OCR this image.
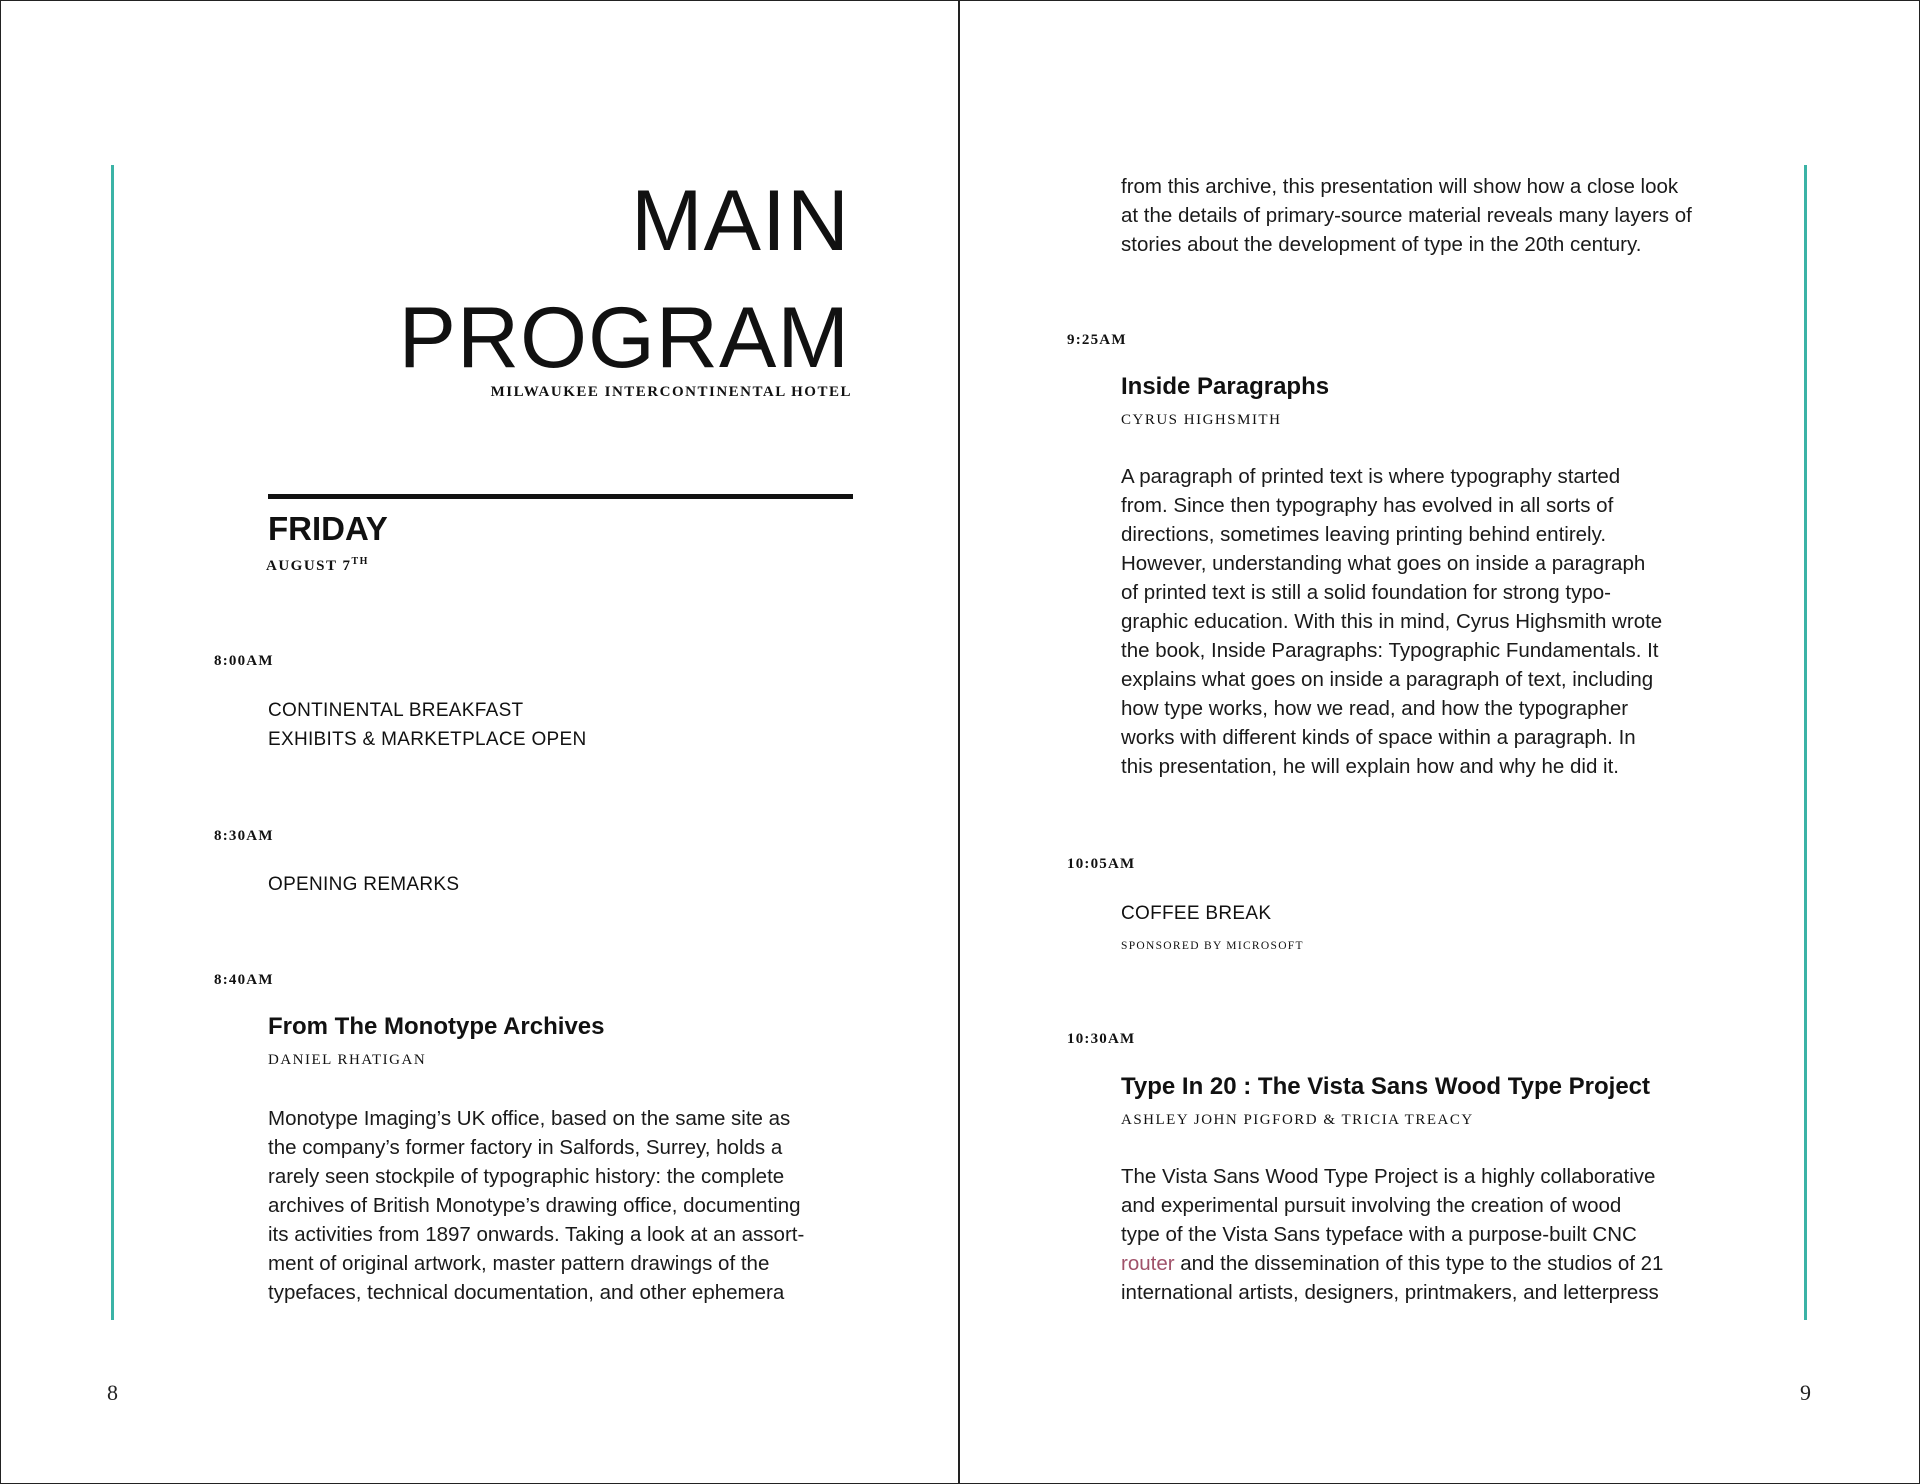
MAIN
PROGRAM
MILWAUKEE INTERCONTINENTAL HOTEL
FRIDAY
AUGUST 7TH
8:00AM
CONTINENTAL BREAKFAST
EXHIBITS & MARKETPLACE OPEN
8:30AM
OPENING REMARKS
8:40AM
From The Monotype Archives
DANIEL RHATIGAN

Monotype Imaging’s UK office, based on the same site as

the company’s former factory in Salfords, Surrey, holds a

rarely seen stockpile of typographic history: the complete

archives of British Monotype’s drawing office, documenting

its activities from 1897 onwards. Taking a look at an assort-

ment of original artwork, master pattern drawings of the

typefaces, technical documentation, and other ephemera

8

from this archive, this presentation will show how a close look

at the details of primary-source material reveals many layers of

stories about the development of type in the 20th century.

9:25AM
Inside Paragraphs
CYRUS HIGHSMITH

A paragraph of printed text is where typography started

from. Since then typography has evolved in all sorts of

directions, sometimes leaving printing behind entirely.

However, understanding what goes on inside a paragraph

of printed text is still a solid foundation for strong typo-

graphic education. With this in mind, Cyrus Highsmith wrote

the book, Inside Paragraphs: Typographic Fundamentals. It

explains what goes on inside a paragraph of text, including

how type works, how we read, and how the typographer

works with different kinds of space within a paragraph. In

this presentation, he will explain how and why he did it.

10:05AM
COFFEE BREAK
SPONSORED BY MICROSOFT
10:30AM
Type In 20 : The Vista Sans Wood Type Project
ASHLEY JOHN PIGFORD & TRICIA TREACY

The Vista Sans Wood Type Project is a highly collaborative

and experimental pursuit involving the creation of wood

type of the Vista Sans typeface with a purpose-built CNC

router and the dissemination of this type to the studios of 21

international artists, designers, printmakers, and letterpress

9
